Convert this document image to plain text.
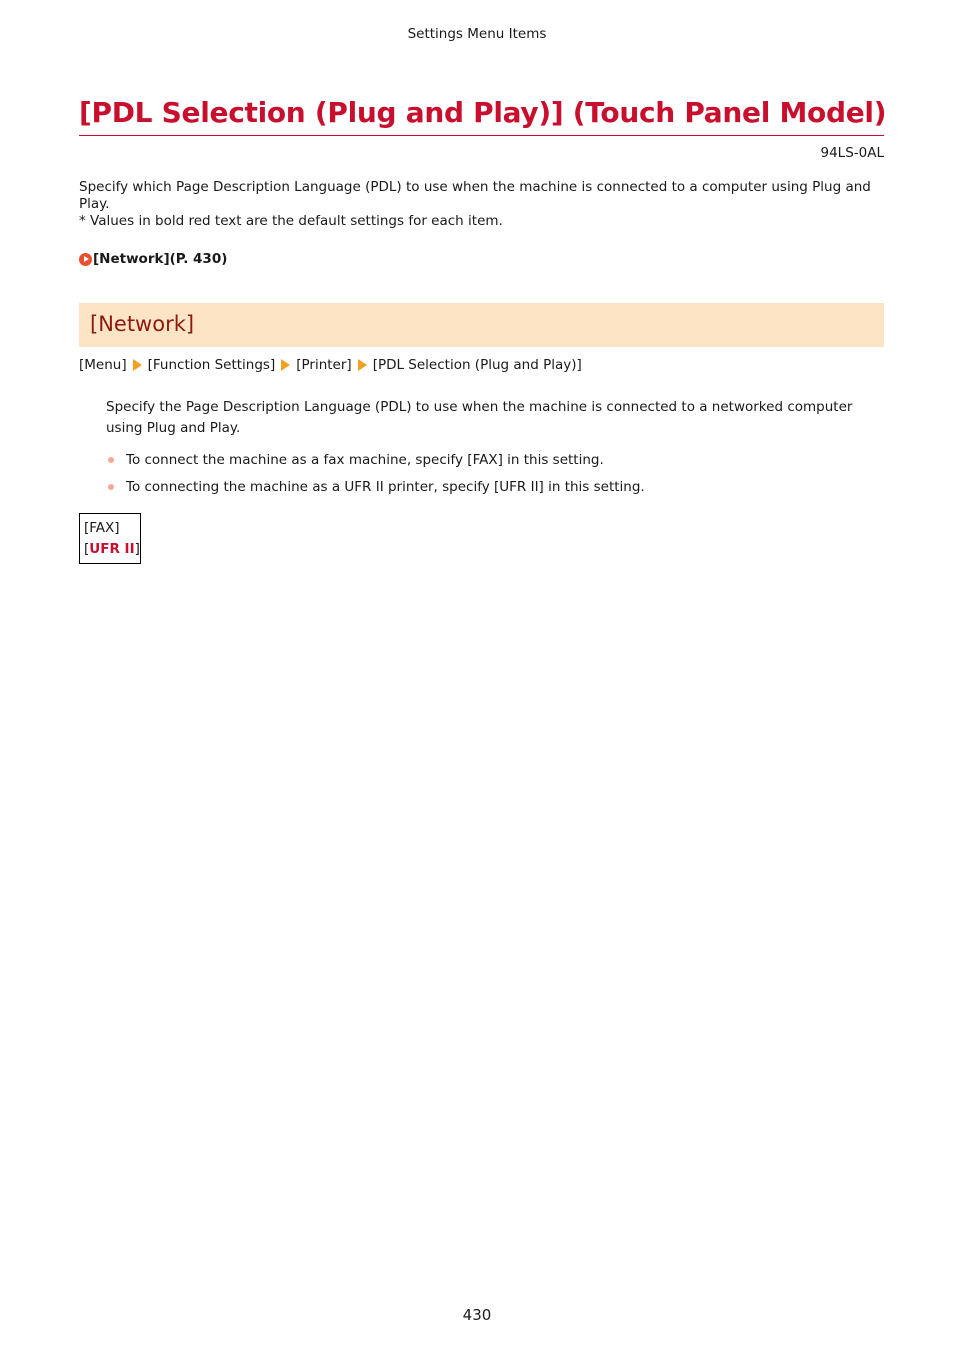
Settings Menu Items
[PDL Selection (Plug and Play)] (Touch Panel Model)
94LS-0AL

Specify which Page Description Language (PDL) to use when the machine is connected to a computer using Plug and Play.

* Values in bold red text are the default settings for each item.

[Network](P. 430)
[Network]
[Menu] [Function Settings] [Printer] [PDL Selection (Plug and Play)]

Specify the Page Description Language (PDL) to use when the machine is connected to a networked computer using Plug and Play.

To connect the machine as a fax machine, specify [FAX] in this setting.
To connecting the machine as a UFR II printer, specify [UFR II] in this setting.
[FAX]
[UFR II]
430
